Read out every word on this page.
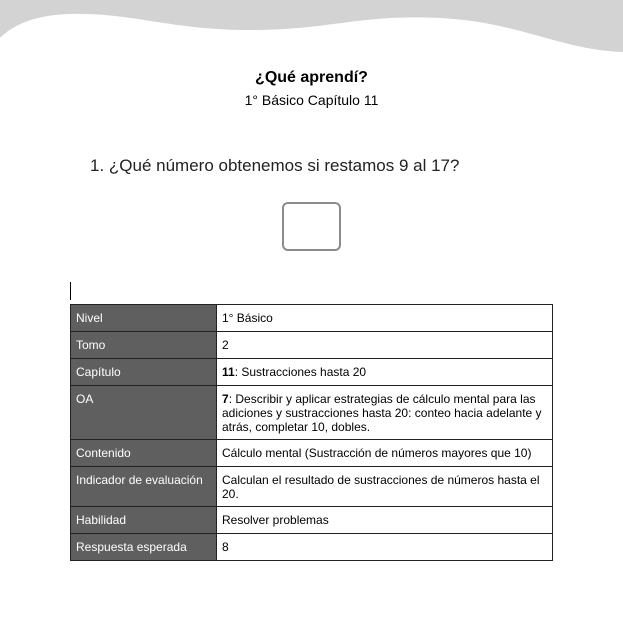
¿Qué aprendí?
1° Básico Capítulo 11
1. ¿Qué número obtenemos si restamos 9 al 17?
Nivel	1° Básico
Tomo	2
Capítulo	11: Sustracciones hasta 20
OA	7: Describir y aplicar estrategias de cálculo mental para las adiciones y sustracciones hasta 20: conteo hacia adelante y atrás, completar 10, dobles.
Contenido	Cálculo mental (Sustracción de números mayores que 10)
Indicador de evaluación	Calculan el resultado de sustracciones de números hasta el 20.
Habilidad	Resolver problemas
Respuesta esperada	8
